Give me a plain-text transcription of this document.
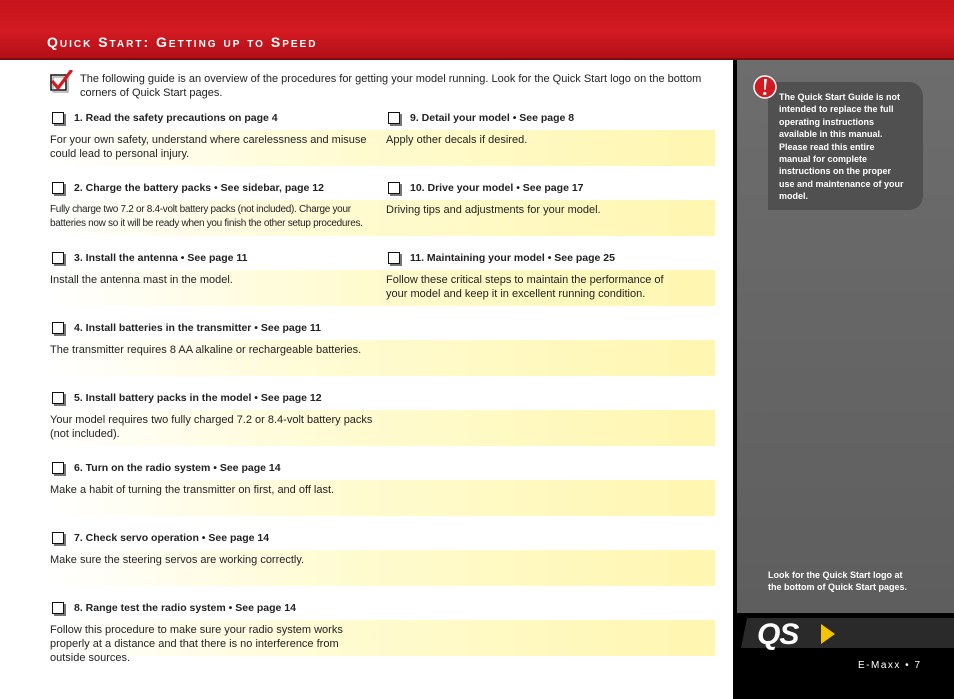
Quick Start: Getting up to Speed
The following guide is an overview of the procedures for getting your model running. Look for the Quick Start logo on the bottom corners of Quick Start pages.
1. Read the safety precautions on page 4
For your own safety, understand where carelessness and misuse could lead to personal injury.
2. Charge the battery packs • See sidebar, page 12
Fully charge two 7.2 or 8.4-volt battery packs (not included). Charge your batteries now so it will be ready when you finish the other setup procedures.
3. Install the antenna • See page 11
Install the antenna mast in the model.
4. Install batteries in the transmitter • See page 11
The transmitter requires 8 AA alkaline or rechargeable batteries.
5. Install battery packs in the model • See page 12
Your model requires two fully charged 7.2 or 8.4-volt battery packs (not included).
6. Turn on the radio system • See page 14
Make a habit of turning the transmitter on first, and off last.
7. Check servo operation • See page 14
Make sure the steering servos are working correctly.
8. Range test the radio system • See page 14
Follow this procedure to make sure your radio system works properly at a distance and that there is no interference from outside sources.
9. Detail your model • See page 8
Apply other decals if desired.
10. Drive your model • See page 17
Driving tips and adjustments for your model.
11. Maintaining your model • See page 25
Follow these critical steps to maintain the performance of your model and keep it in excellent running condition.
The Quick Start Guide is not intended to replace the full operating instructions available in this manual. Please read this entire manual for complete instructions on the proper use and maintenance of your model.
Look for the Quick Start logo at the bottom of Quick Start pages.
QS
E-Maxx • 7
